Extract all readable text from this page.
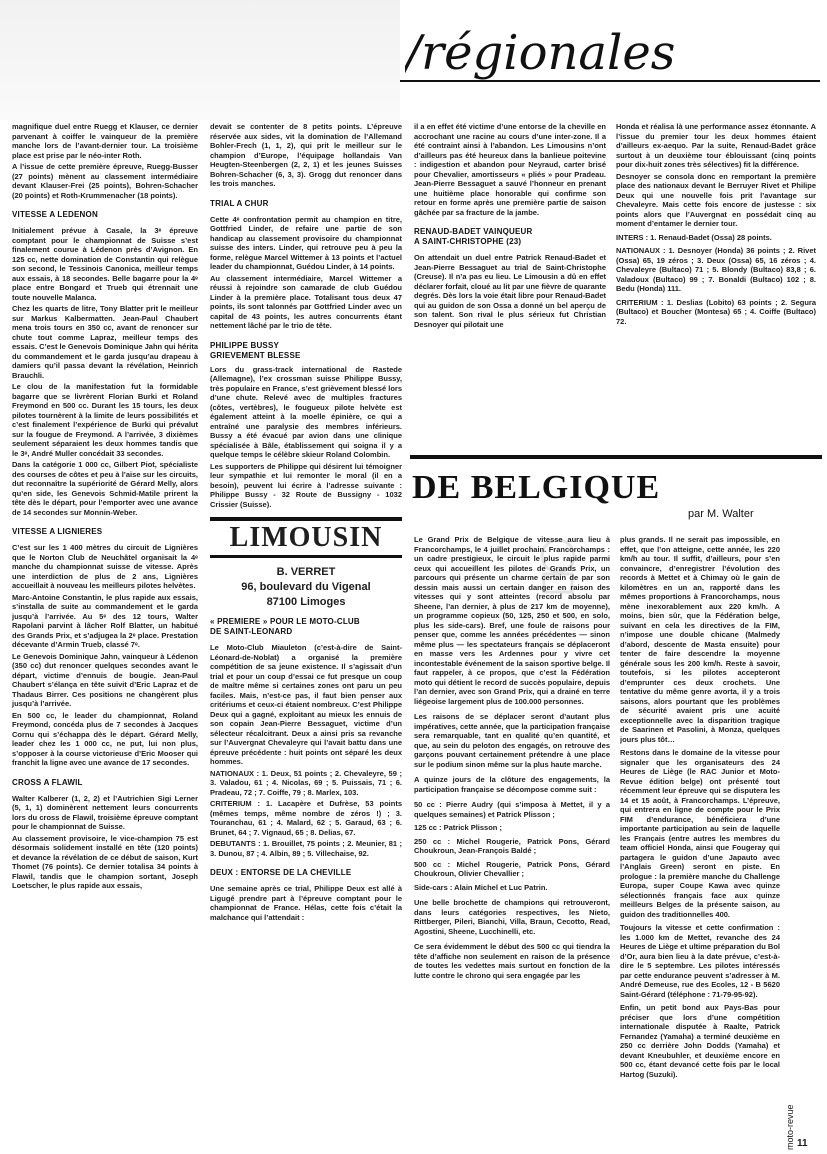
/régionales

magnifique duel entre Ruegg et Klauser, ce dernier parvenant à coiffer le vainqueur de la première manche lors de l’avant-dernier tour. La troisième place est prise par le néo-inter Roth.

A l’issue de cette première épreuve, Ruegg-Busser (27 points) mènent au classement intermédiaire devant Klauser-Frei (25 points), Bohren-Schacher (20 points) et Roth-Krummenacher (18 points).

VITESSE A LEDENON

Initialement prévue à Casale, la 3ᵉ épreuve comptant pour le championnat de Suisse s’est finalement courue à Lédenon près d’Avignon. En 125 cc, nette domination de Constantin qui relègue son second, le Tessinois Canonica, meilleur temps aux essais, à 18 secondes. Belle bagarre pour la 4ᵉ place entre Bongard et Trueb qui étrennait une toute nouvelle Malanca.

Chez les quarts de litre, Tony Blatter prit le meilleur sur Markus Kalbermatten. Jean-Paul Chaubert mena trois tours en 350 cc, avant de renoncer sur chute tout comme Lapraz, meilleur temps des essais. C’est le Genevois Dominique Jahn qui hérita du commandement et le garda jusqu’au drapeau à damiers qu’il passa devant la révélation, Heinrich Brauchli.

Le clou de la manifestation fut la formidable bagarre que se livrèrent Florian Burki et Roland Freymond en 500 cc. Durant les 15 tours, les deux pilotes tournèrent à la limite de leurs possibilités et c’est finalement l’expérience de Burki qui prévalut sur la fougue de Freymond. A l’arrivée, 3 dixièmes seulement séparaient les deux hommes tandis que le 3ᵉ, André Muller concédait 33 secondes.

Dans la catégorie 1 000 cc, Gilbert Piot, spécialiste des courses de côtes et peu à l’aise sur les circuits, dut reconnaître la supériorité de Gérard Melly, alors qu’en side, les Genevois Schmid-Matile prirent la tête dès le départ, pour l’emporter avec une avance de 14 secondes sur Monnin-Weber.

VITESSE A LIGNIERES

C’est sur les 1 400 mètres du circuit de Lignières que le Norton Club de Neuchâtel organisait la 4ᵉ manche du championnat suisse de vitesse. Après une interdiction de plus de 2 ans, Lignières accueillait à nouveau les meilleurs pilotes helvètes.

Marc-Antoine Constantin, le plus rapide aux essais, s’installa de suite au commandement et le garda jusqu’à l’arrivée. Au 5ᵉ des 12 tours, Walter Rapolani parvint à lâcher Rolf Blatter, un habitué des Grands Prix, et s’adjugea la 2ᵉ place. Prestation décevante d’Armin Trueb, classé 7ᵉ.

Le Genevois Dominique Jahn, vainqueur à Lédenon (350 cc) dut renoncer quelques secondes avant le départ, victime d’ennuis de bougie. Jean-Paul Chaubert s’élança en tête suivit d’Eric Lapraz et de Thadaus Birrer. Ces positions ne changèrent plus jusqu’à l’arrivée.

En 500 cc, le leader du championnat, Roland Freymond, concéda plus de 7 secondes à Jacques Cornu qui s’échappa dès le départ. Gérard Melly, leader chez les 1 000 cc, ne put, lui non plus, s’opposer à la course victorieuse d’Eric Mooser qui franchit la ligne avec une avance de 17 secondes.

CROSS A FLAWIL

Walter Kalberer (1, 2, 2) et l’Autrichien Sigi Lerner (5, 1, 1) dominèrent nettement leurs concurrents lors du cross de Flawil, troisième épreuve comptant pour le championnat de Suisse.

Au classement provisoire, le vice-champion 75 est désormais solidement installé en tête (120 points) et devance la révélation de ce début de saison, Kurt Thomet (76 points). Ce dernier totalisa 34 points à Flawil, tandis que le champion sortant, Joseph Loetscher, le plus rapide aux essais,

devait se contenter de 8 petits points. L’épreuve réservée aux sides, vit la domination de l’Allemand Bohler-Frech (1, 1, 2), qui prit le meilleur sur le champion d’Europe, l’équipage hollandais Van Heugten-Steenbergen (2, 2, 1) et les jeunes Suisses Bohren-Schacher (6, 3, 3). Grogg dut renoncer dans les trois manches.

TRIAL A CHUR

Cette 4ᵉ confrontation permit au champion en titre, Gottfried Linder, de refaire une partie de son handicap au classement provisoire du championnat suisse des inters. Linder, qui retrouve peu à peu la forme, relègue Marcel Wittemer à 13 points et l’actuel leader du championnat, Guédou Linder, à 14 points.

Au classement intermédiaire, Marcel Wittemer a réussi à rejoindre son camarade de club Guédou Linder à la première place. Totalisant tous deux 47 points, ils sont talonnés par Gottfried Linder avec un capital de 43 points, les autres concurrents étant nettement lâché par le trio de tête.

PHILIPPE BUSSY
GRIEVEMENT BLESSE

Lors du grass-track international de Rastede (Allemagne), l’ex crossman suisse Philippe Bussy, très populaire en France, s’est grièvement blessé lors d’une chute. Relevé avec de multiples fractures (côtes, vertèbres), le fougueux pilote helvète est également atteint à la moelle épinière, ce qui a entraîné une paralysie des membres inférieurs. Bussy a été évacué par avion dans une clinique spécialisée à Bâle, établissement qui soigna il y a quelque temps le célèbre skieur Roland Colombin.

Les supporters de Philippe qui désirent lui témoigner leur sympathie et lui remonter le moral (il en a besoin), peuvent lui écrire à l’adresse suivante : Philippe Bussy - 32 Route de Bussigny - 1032 Crissier (Suisse).

LIMOUSIN

B. VERRET

96, boulevard du Vigenal

87100 Limoges

« PREMIERE » POUR LE MOTO-CLUB
DE SAINT-LEONARD

Le Moto-Club Miauleton (c’est-à-dire de Saint-Léonard-de-Noblat) a organisé la première compétition de sa jeune existence. Il s’agissait d’un trial et pour un coup d’essai ce fut presque un coup de maître même si certaines zones ont paru un peu faciles. Mais, n’est-ce pas, il faut bien penser aux critériums et ceux-ci étaient nombreux. C’est Philippe Deux qui a gagné, exploitant au mieux les ennuis de son copain Jean-Pierre Bessaguet, victime d’un sélecteur récalcitrant. Deux a ainsi pris sa revanche sur l’Auvergnat Chevaleyre qui l’avait battu dans une épreuve précédente : huit points ont séparé les deux hommes.

NATIONAUX : 1. Deux, 51 points ; 2. Chevaleyre, 59 ; 3. Valadou, 61 ; 4. Nicolas, 69 ; 5. Puissais, 71 ; 6. Pradeau, 72 ; 7. Coiffe, 79 ; 8. Marlex, 103.

CRITERIUM : 1. Lacapère et Dufrèse, 53 points (mêmes temps, même nombre de zéros !) ; 3. Touranchau, 61 ; 4. Malard, 62 ; 5. Garaud, 63 ; 6. Brunet, 64 ; 7. Vignaud, 65 ; 8. Delias, 67.

DEBUTANTS : 1. Brouillet, 75 points ; 2. Meunier, 81 ; 3. Dunou, 87 ; 4. Albin, 89 ; 5. Villechaise, 92.

DEUX : ENTORSE DE LA CHEVILLE

Une semaine après ce trial, Philippe Deux est allé à Ligugé prendre part à l’épreuve comptant pour le championnat de France. Hélas, cette fois c’était la malchance qui l’attendait :

il a en effet été victime d’une entorse de la cheville en accrochant une racine au cours d’une inter-zone. Il a été contraint ainsi à l’abandon. Les Limousins n’ont d’ailleurs pas été heureux dans la banlieue poitevine : indigestion et abandon pour Neyraud, carter brisé pour Chevalier, amortisseurs « pliés » pour Pradeau. Jean-Pierre Bessaguet a sauvé l’honneur en prenant une huitième place honorable qui confirme son retour en forme après une première partie de saison gâchée par sa fracture de la jambe.

RENAUD-BADET VAINQUEUR
A SAINT-CHRISTOPHE (23)

On attendait un duel entre Patrick Renaud-Badet et Jean-Pierre Bessaguet au trial de Saint-Christophe (Creuse). Il n’a pas eu lieu. Le Limousin a dû en effet déclarer forfait, cloué au lit par une fièvre de quarante degrés. Dès lors la voie était libre pour Renaud-Badet qui au guidon de son Ossa a donné un bel aperçu de son talent. Son rival le plus sérieux fut Christian Desnoyer qui pilotait une

Honda et réalisa là une performance assez étonnante. A l’issue du premier tour les deux hommes étaient d’ailleurs ex-aequo. Par la suite, Renaud-Badet grâce surtout à un deuxième tour éblouissant (cinq points pour dix-huit zones très sélectives) fit la différence.

Desnoyer se consola donc en remportant la première place des nationaux devant le Berruyer Rivet et Philipe Deux qui une nouvelle fois prit l’avantage sur Chevaleyre. Mais cette fois encore de justesse : six points alors que l’Auvergnat en possédait cinq au moment d’entamer le dernier tour.

INTERS : 1. Renaud-Badet (Ossa) 28 points.

NATIONAUX : 1. Desnoyer (Honda) 36 points ; 2. Rivet (Ossa) 65, 19 zéros ; 3. Deux (Ossa) 65, 16 zéros ; 4. Chevaleyre (Bultaco) 71 ; 5. Blondy (Bultaco) 83,8 ; 6. Valadoux (Bultaco) 99 ; 7. Bonaldi (Bultaco) 102 ; 8. Bedu (Honda) 111.

CRITERIUM : 1. Deslias (Lobito) 63 points ; 2. Segura (Bultaco) et Boucher (Montesa) 65 ; 4. Coiffe (Bultaco) 72.

DE BELGIQUE
par M. Walter

Le Grand Prix de Belgique de vitesse aura lieu à Francorchamps, le 4 juillet prochain. Francorchamps : un cadre prestigieux, le circuit le plus rapide parmi ceux qui accueillent les pilotes de Grands Prix, un parcours qui présente un charme certain de par son dessin mais aussi un certain danger en raison des vitesses qui y sont atteintes (record absolu par Sheene, l’an dernier, à plus de 217 km de moyenne), un programme copieux (50, 125, 250 et 500, en solo, plus les side-cars). Bref, une foule de raisons pour penser que, comme les années précédentes — sinon même plus — les spectateurs français se déplaceront en masse vers les Ardennes pour y vivre cet incontestable événement de la saison sportive belge. Il faut rappeler, à ce propos, que c’est la Fédération moto qui détient le record de succès populaire, depuis l’an dernier, avec son Grand Prix, qui a drainé en terre liégeoise largement plus de 100.000 personnes.

Les raisons de se déplacer seront d’autant plus impératives, cette année, que la participation française sera remarquable, tant en qualité qu’en quantité, et que, au sein du peloton des engagés, on retrouve des garçons pouvant certainement prétendre à une place sur le podium sinon même sur la plus haute marche.

A quinze jours de la clôture des engagements, la participation française se décompose comme suit :

50 cc : Pierre Audry (qui s’imposa à Mettet, il y a quelques semaines) et Patrick Plisson ;

125 cc : Patrick Plisson ;

250 cc : Michel Rougerie, Patrick Pons, Gérard Choukroun, Jean-François Baldé ;

500 cc : Michel Rougerie, Patrick Pons, Gérard Choukroun, Olivier Chevallier ;

Side-cars : Alain Michel et Luc Patrin.

Une belle brochette de champions qui retrouveront, dans leurs catégories respectives, les Nieto, Rittberger, Pileri, Bianchi, Villa, Braun, Cecotto, Read, Agostini, Sheene, Lucchinelli, etc.

Ce sera évidemment le début des 500 cc qui tiendra la tête d’affiche non seulement en raison de la présence de toutes les vedettes mais surtout en fonction de la lutte contre le chrono qui sera engagée par les

plus grands. Il ne serait pas impossible, en effet, que l’on atteigne, cette année, les 220 km/h au tour. Il suffit, d’ailleurs, pour s’en convaincre, d’enregistrer l’évolution des records à Mettet et à Chimay où le gain de kilomètres en un an, rapporté dans les mêmes proportions à Francorchamps, nous mène inexorablement aux 220 km/h. A moins, bien sûr, que la Fédération belge, suivant en cela les directives de la FIM, n’impose une double chicane (Malmedy d’abord, descente de Masta ensuite) pour tenter de faire descendre la moyenne générale sous les 200 km/h. Reste à savoir, toutefois, si les pilotes accepteront d’emprunter ces deux crochets. Une tentative du même genre avorta, il y a trois saisons, alors pourtant que les problèmes de sécurité avaient pris une acuité exceptionnelle avec la disparition tragique de Saarinen et Pasolini, à Monza, quelques jours plus tôt…

Restons dans le domaine de la vitesse pour signaler que les organisateurs des 24 Heures de Liège (le RAC Junior et Moto-Revue édition belge) ont présenté tout récemment leur épreuve qui se disputera les 14 et 15 août, à Francorchamps. L’épreuve, qui entrera en ligne de compte pour le Prix FIM d’endurance, bénéficiera d’une importante participation au sein de laquelle les Français (entre autres les membres du team officiel Honda, ainsi que Fougeray qui partagera le guidon d’une Japauto avec l’Anglais Green) seront en piste. En prologue : la première manche du Challenge Europa, super Coupe Kawa avec quinze sélectionnés français face aux quinze meilleurs Belges de la présente saison, au guidon des traditionnelles 400.

Toujours la vitesse et cette confirmation : les 1.000 km de Mettet, revanche des 24 Heures de Liège et ultime préparation du Bol d’Or, aura bien lieu à la date prévue, c’est-à-dire le 5 septembre. Les pilotes intéressés par cette endurance peuvent s’adresser à M. André Demeuse, rue des Ecoles, 12 - B 5620 Saint-Gérard (téléphone : 71-79-95-92).

Enfin, un petit bond aux Pays-Bas pour préciser que lors d’une compétition internationale disputée à Raalte, Patrick Fernandez (Yamaha) a terminé deuxième en 250 cc derrière John Dodds (Yamaha) et devant Kneubuhler, et deuxième encore en 500 cc, étant devancé cette fois par le local Hartog (Suzuki).

moto-revue 11
